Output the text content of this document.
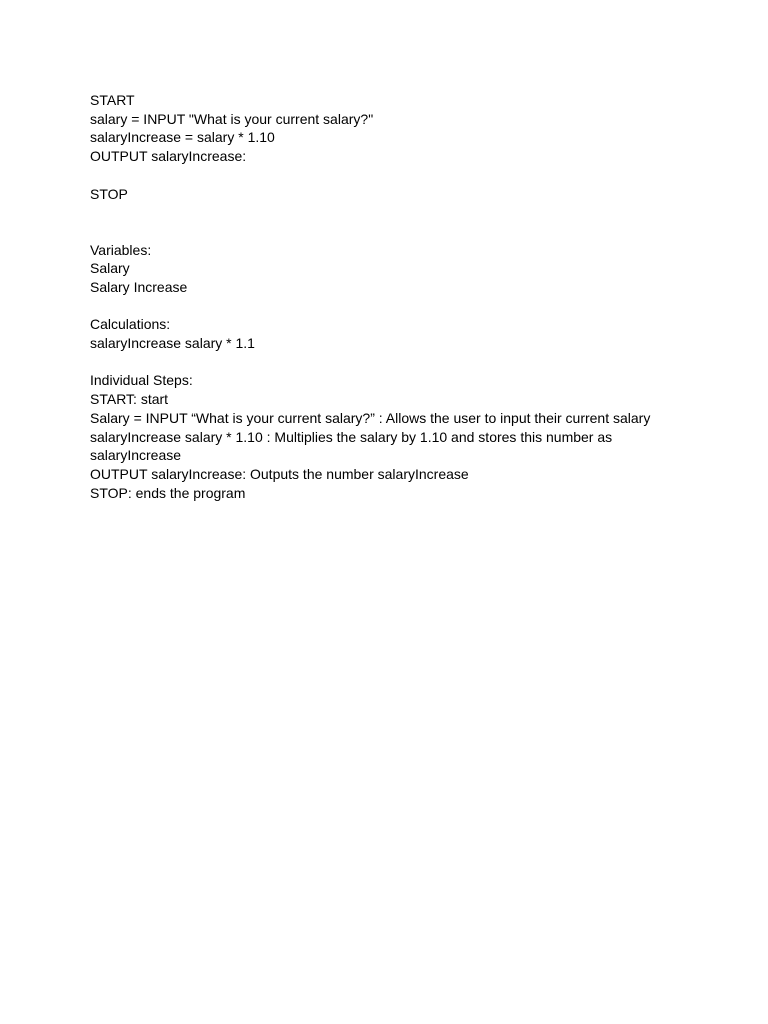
START

salary = INPUT "What is your current salary?"

salaryIncrease = salary * 1.10

OUTPUT salaryIncrease:

STOP

Variables:

Salary

Salary Increase

Calculations:

salaryIncrease salary * 1.1

Individual Steps:

START: start

Salary = INPUT “What is your current salary?” : Allows the user to input their current salary

salaryIncrease salary * 1.10 : Multiplies the salary by 1.10 and stores this number as salaryIncrease

OUTPUT salaryIncrease: Outputs the number salaryIncrease

STOP: ends the program
